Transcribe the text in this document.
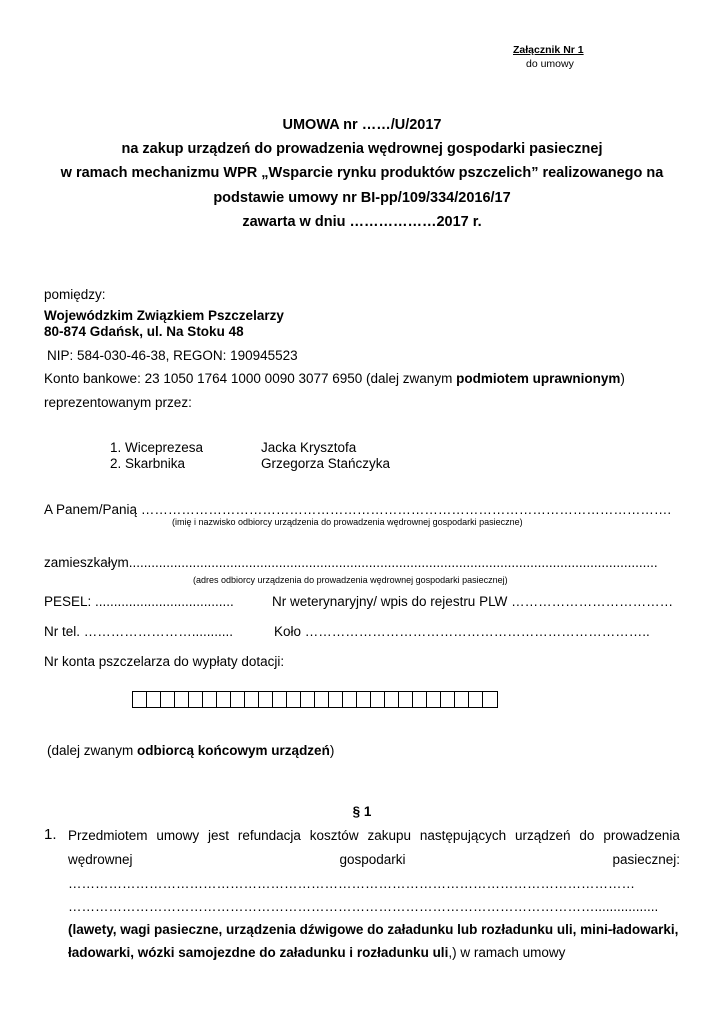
Załącznik Nr 1
do umowy
UMOWA nr ……/U/2017
na zakup urządzeń do prowadzenia wędrownej gospodarki pasiecznej
w ramach mechanizmu WPR „Wsparcie rynku produktów pszczelich” realizowanego na
podstawie umowy nr BI-pp/109/334/2016/17
zawarta w dniu ………………2017 r.
pomiędzy:
Wojewódzkim Związkiem Pszczelarzy
80-874 Gdańsk, ul. Na Stoku 48
NIP: 584-030-46-38, REGON: 190945523
Konto bankowe: 23 1050 1764 1000 0090 3077 6950 (dalej zwanym podmiotem uprawnionym)
reprezentowanym przez:
1. Wiceprezesa	Jacka Krysztofa
2. Skarbnika	Grzegorza Stańczyka
A Panem/Panią ……………………………………………………………………………………………………….
(imię i nazwisko odbiorcy urządzenia do prowadzenia wędrownej gospodarki pasieczne)
zamieszkałym.............................................................................................................................................
(adres odbiorcy urządzenia do prowadzenia wędrownej gospodarki pasiecznej)
PESEL: .....................................	Nr weterynaryjny/ wpis do rejestru PLW ………………………………
Nr tel. ……………………...........	Koło …………………………………………………………………..
Nr konta pszczelarza do wypłaty dotacji:
(dalej zwanym odbiorcą końcowym urządzeń)
§ 1
1. Przedmiotem umowy jest refundacja kosztów zakupu następujących urządzeń do prowadzenia
wędrownej	gospodarki	pasiecznej:
………………………………………………………………………………………………………………
……………………………………………………………………………………………………….................
(lawety, wagi pasieczne, urządzenia dźwigowe do załadunku lub rozładunku uli, mini-ładowarki,
ładowarki, wózki samojezdne do załadunku i rozładunku uli,) w ramach umowy
